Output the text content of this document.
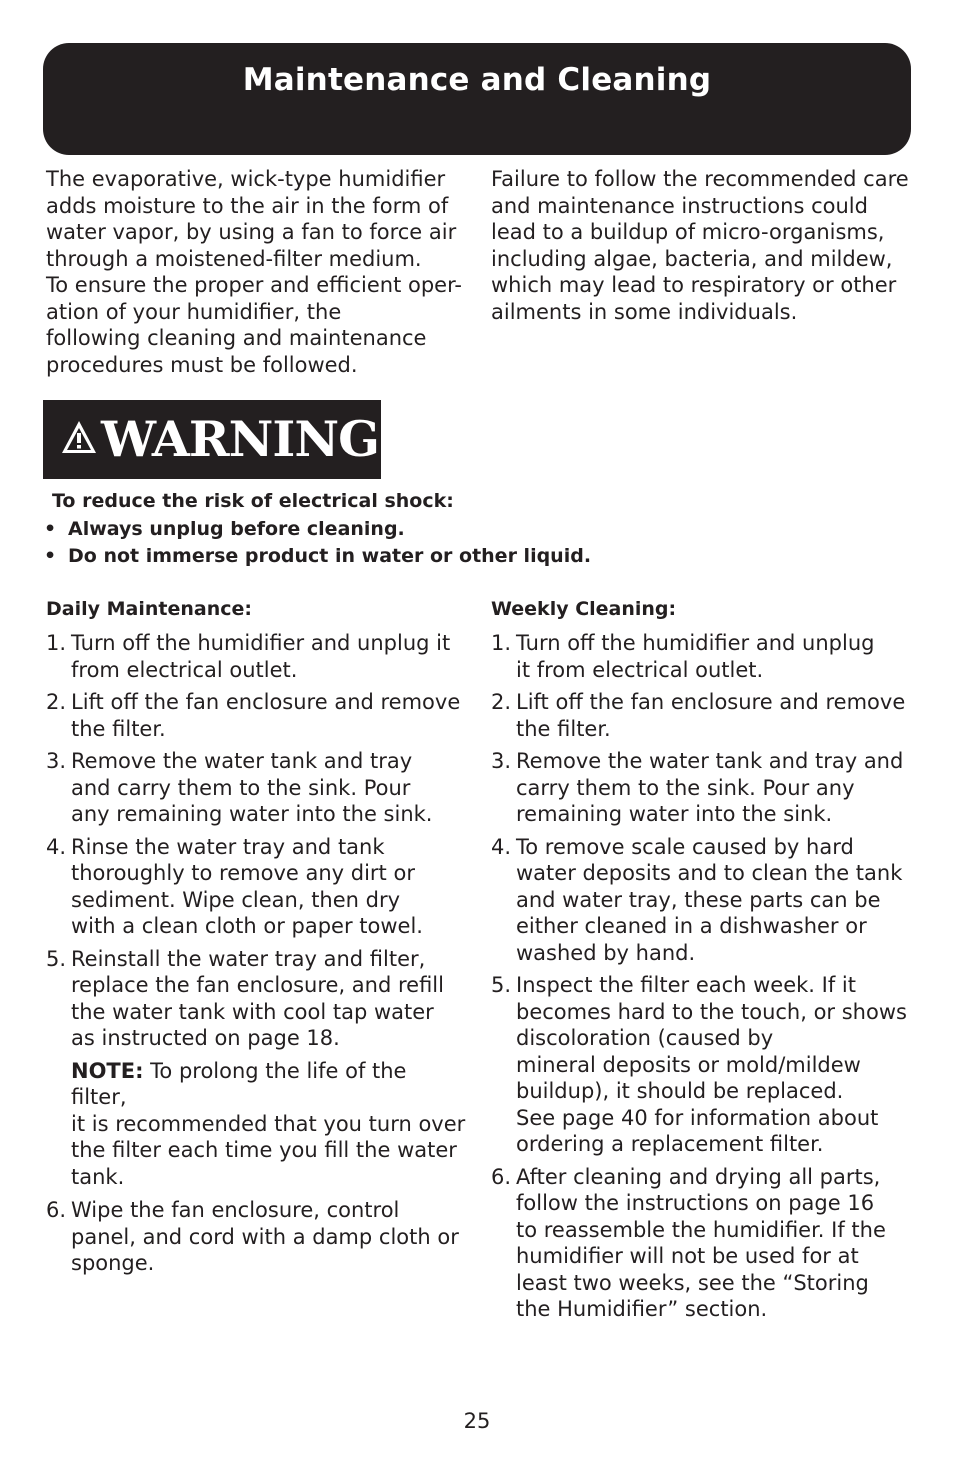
Maintenance and Cleaning

The evaporative, wick-type humidifier
adds moisture to the air in the form of
water vapor, by using a fan to force air
through a moistened-filter medium.
To ensure the proper and efficient oper-
ation of your humidifier, the
following cleaning and maintenance
procedures must be followed.

Failure to follow the recommended care
and maintenance instructions could
lead to a buildup of micro-organisms,
including algae, bacteria, and mildew,
which may lead to respiratory or other
ailments in some individuals.

WARNING
To reduce the risk of electrical shock:
• Always unplug before cleaning.
• Do not immerse product in water or other liquid.
Daily Maintenance:
1. Turn off the humidifier and unplug it
from electrical outlet.
2. Lift off the fan enclosure and remove
the filter.
3. Remove the water tank and tray
and carry them to the sink. Pour
any remaining water into the sink.
4. Rinse the water tray and tank
thoroughly to remove any dirt or
sediment. Wipe clean, then dry
with a clean cloth or paper towel.
5. Reinstall the water tray and filter,
replace the fan enclosure, and refill
the water tank with cool tap water
as instructed on page 18.
NOTE: To prolong the life of the filter,
it is recommended that you turn over
the filter each time you fill the water
tank.
6. Wipe the fan enclosure, control
panel, and cord with a damp cloth or
sponge.
Weekly Cleaning:
1. Turn off the humidifier and unplug
it from electrical outlet.
2. Lift off the fan enclosure and remove
the filter.
3. Remove the water tank and tray and
carry them to the sink. Pour any
remaining water into the sink.
4. To remove scale caused by hard
water deposits and to clean the tank
and water tray, these parts can be
either cleaned in a dishwasher or
washed by hand.
5. Inspect the filter each week. If it
becomes hard to the touch, or shows
discoloration (caused by
mineral deposits or mold/mildew
buildup), it should be replaced.
See page 40 for information about
ordering a replacement filter.
6. After cleaning and drying all parts,
follow the instructions on page 16
to reassemble the humidifier. If the
humidifier will not be used for at
least two weeks, see the “Storing
the Humidifier” section.
25
